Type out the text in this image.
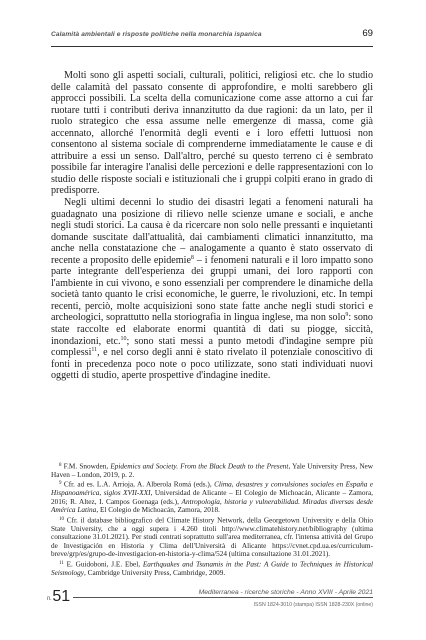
Calamità ambientali e risposte politiche nella monarchia ispanica	69

Molti sono gli aspetti sociali, culturali, politici, religiosi etc. che lo studio delle calamità del passato consente di approfondire, e molti sarebbero gli approcci possibili. La scelta della comunicazione come asse attorno a cui far ruotare tutti i contributi deriva innanzitutto da due ragioni: da un lato, per il ruolo strategico che essa assume nelle emergenze di massa, come già accennato, allorché l'enormità degli eventi e i loro effetti luttuosi non consentono al sistema sociale di comprenderne immediatamente le cause e di attribuire a essi un senso. Dall'altro, perché su questo terreno ci è sembrato possibile far interagire l'analisi delle percezioni e delle rappresentazioni con lo studio delle risposte sociali e istituzionali che i gruppi colpiti erano in grado di predisporre.

Negli ultimi decenni lo studio dei disastri legati a fenomeni naturali ha guadagnato una posizione di rilievo nelle scienze umane e sociali, e anche negli studi storici. La causa è da ricercare non solo nelle pressanti e inquietanti domande suscitate dall'attualità, dai cambiamenti climatici innanzitutto, ma anche nella constatazione che – analogamente a quanto è stato osservato di recente a proposito delle epidemie$^8$ – i fenomeni naturali e il loro impatto sono parte integrante dell'esperienza dei gruppi umani, dei loro rapporti con l'ambiente in cui vivono, e sono essenziali per comprendere le dinamiche della società tanto quanto le crisi economiche, le guerre, le rivoluzioni, etc. In tempi recenti, perciò, molte acquisizioni sono state fatte anche negli studi storici e archeologici, soprattutto nella storiografia in lingua inglese, ma non solo$^9$: sono state raccolte ed elaborate enormi quantità di dati su piogge, siccità, inondazioni, etc.$^{10}$; sono stati messi a punto metodi d'indagine sempre più complessi$^{11}$, e nel corso degli anni è stato rivelato il potenziale conoscitivo di fonti in precedenza poco note o poco utilizzate, sono stati individuati nuovi oggetti di studio, aperte prospettive d'indagine inedite.

$^8$ F.M. Snowden, Epidemics and Society. From the Black Death to the Present, Yale University Press, New Haven – London, 2019, p. 2.

$^9$ Cfr. ad es. L.A. Arrioja, A. Alberola Romá (eds.), Clima, desastres y convulsiones sociales en España e Hispanoamérica, siglos XVII-XXI, Universidad de Alicante – El Colegio de Michoacán, Alicante – Zamora, 2016; R. Altez, I. Campos Goenaga (eds.), Antropología, historia y vulnerabilidad. Miradas diversas desde América Latina, El Colegio de Michoacán, Zamora, 2018.

$^{10}$ Cfr. il database bibliografico del Climate History Network, della Georgetown University e della Ohio State University, che a oggi supera i 4.260 titoli http://www.climatehistory.net/bibliography (ultima consultazione 31.01.2021). Per studi centrati soprattutto sull'area mediterranea, cfr. l'intensa attività del Grupo de Investigación en Historia y Clima dell'Università di Alicante https://cvnet.cpd.ua.es/curriculum-breve/grp/es/grupo-de-investigacion-en-historia-y-clima/524 (ultima consultazione 31.01.2021).

$^{11}$ E. Guidoboni, J.E. Ebel, Earthquakes and Tsunamis in the Past: A Guide to Techniques in Historical Seismology, Cambridge University Press, Cambridge, 2009.

n.51	Mediterranea - ricerche storiche - Anno XVIII - Aprile 2021
ISSN 1824-3010 (stampa) ISSN 1828-230X (online)
